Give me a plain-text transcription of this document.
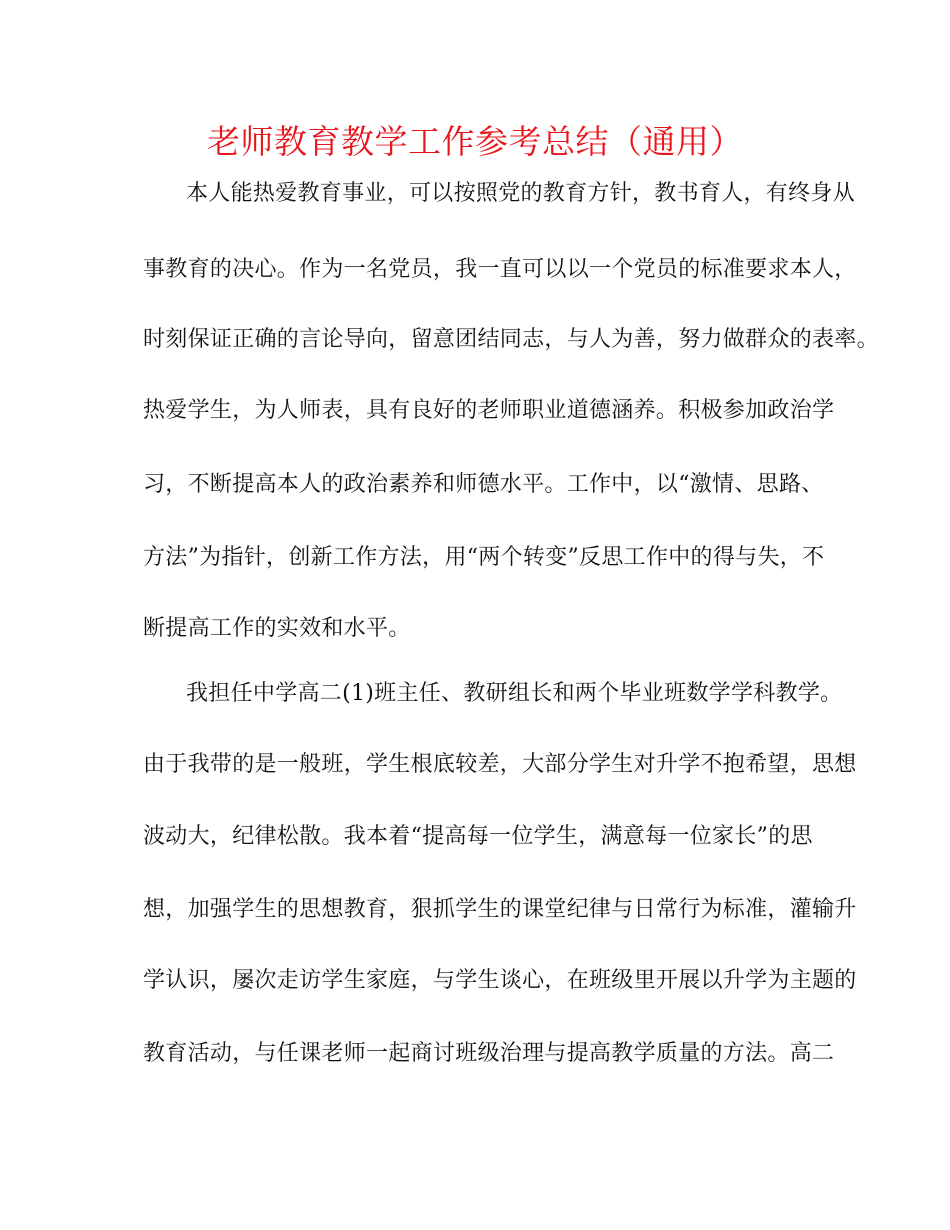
老师教育教学工作参考总结（通用）
本人能热爱教育事业，可以按照党的教育方针，教书育人，有终身从
事教育的决心。作为一名党员，我一直可以以一个党员的标准要求本人，
时刻保证正确的言论导向，留意团结同志，与人为善，努力做群众的表率。
热爱学生，为人师表，具有良好的老师职业道德涵养。积极参加政治学
习，不断提高本人的政治素养和师德水平。工作中，以“激情、思路、
方法”为指针，创新工作方法，用“两个转变”反思工作中的得与失，不
断提高工作的实效和水平。
我担任中学高二(1)班主任、教研组长和两个毕业班数学学科教学。
由于我带的是一般班，学生根底较差，大部分学生对升学不抱希望，思想
波动大，纪律松散。我本着“提高每一位学生，满意每一位家长”的思
想，加强学生的思想教育，狠抓学生的课堂纪律与日常行为标准，灌输升
学认识，屡次走访学生家庭，与学生谈心，在班级里开展以升学为主题的
教育活动，与任课老师一起商讨班级治理与提高教学质量的方法。高二
